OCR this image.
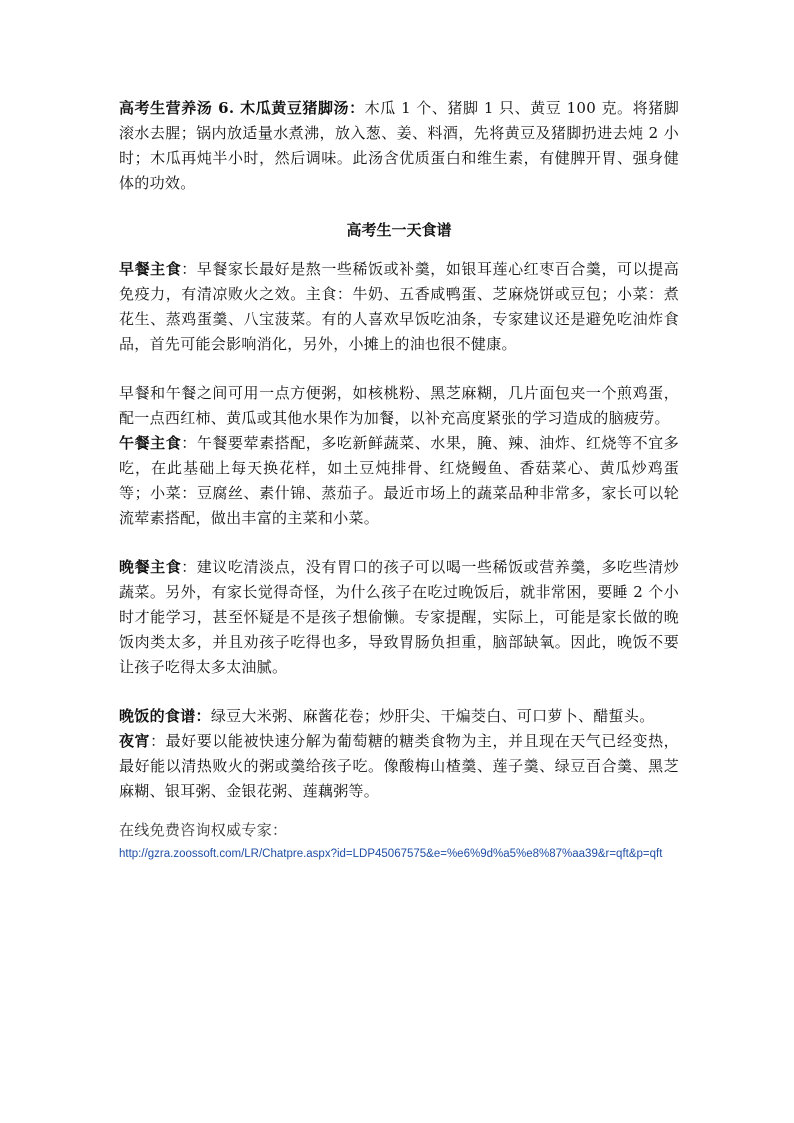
高考生营养汤 6. 木瓜黄豆猪脚汤：木瓜 1 个、猪脚 1 只、黄豆 100 克。将猪脚滚水去腥；锅内放适量水煮沸，放入葱、姜、料酒，先将黄豆及猪脚扔进去炖 2 小时；木瓜再炖半小时，然后调味。此汤含优质蛋白和维生素，有健脾开胃、强身健体的功效。

高考生一天食谱

早餐主食：早餐家长最好是熬一些稀饭或补羹，如银耳莲心红枣百合羹，可以提高免疫力，有清凉败火之效。主食：牛奶、五香咸鸭蛋、芝麻烧饼或豆包；小菜：煮花生、蒸鸡蛋羹、八宝菠菜。有的人喜欢早饭吃油条，专家建议还是避免吃油炸食品，首先可能会影响消化，另外，小摊上的油也很不健康。

早餐和午餐之间可用一点方便粥，如核桃粉、黑芝麻糊，几片面包夹一个煎鸡蛋，配一点西红柿、黄瓜或其他水果作为加餐，以补充高度紧张的学习造成的脑疲劳。

午餐主食：午餐要荤素搭配，多吃新鲜蔬菜、水果，腌、辣、油炸、红烧等不宜多吃，在此基础上每天换花样，如土豆炖排骨、红烧鳗鱼、香菇菜心、黄瓜炒鸡蛋等；小菜：豆腐丝、素什锦、蒸茄子。最近市场上的蔬菜品种非常多，家长可以轮流荤素搭配，做出丰富的主菜和小菜。

晚餐主食：建议吃清淡点，没有胃口的孩子可以喝一些稀饭或营养羹，多吃些清炒蔬菜。另外，有家长觉得奇怪，为什么孩子在吃过晚饭后，就非常困，要睡 2 个小时才能学习，甚至怀疑是不是孩子想偷懒。专家提醒，实际上，可能是家长做的晚饭肉类太多，并且劝孩子吃得也多，导致胃肠负担重，脑部缺氧。因此，晚饭不要让孩子吃得太多太油腻。

晚饭的食谱：绿豆大米粥、麻酱花卷；炒肝尖、干煸茭白、可口萝卜、醋蜇头。

夜宵：最好要以能被快速分解为葡萄糖的糖类食物为主，并且现在天气已经变热，最好能以清热败火的粥或羹给孩子吃。像酸梅山楂羹、莲子羹、绿豆百合羹、黑芝麻糊、银耳粥、金银花粥、莲藕粥等。

在线免费咨询权威专家：

http://gzra.zoossoft.com/LR/Chatpre.aspx?id=LDP45067575&e=%e6%9d%a5%e8%87%aa39&r=qft&p=qft
